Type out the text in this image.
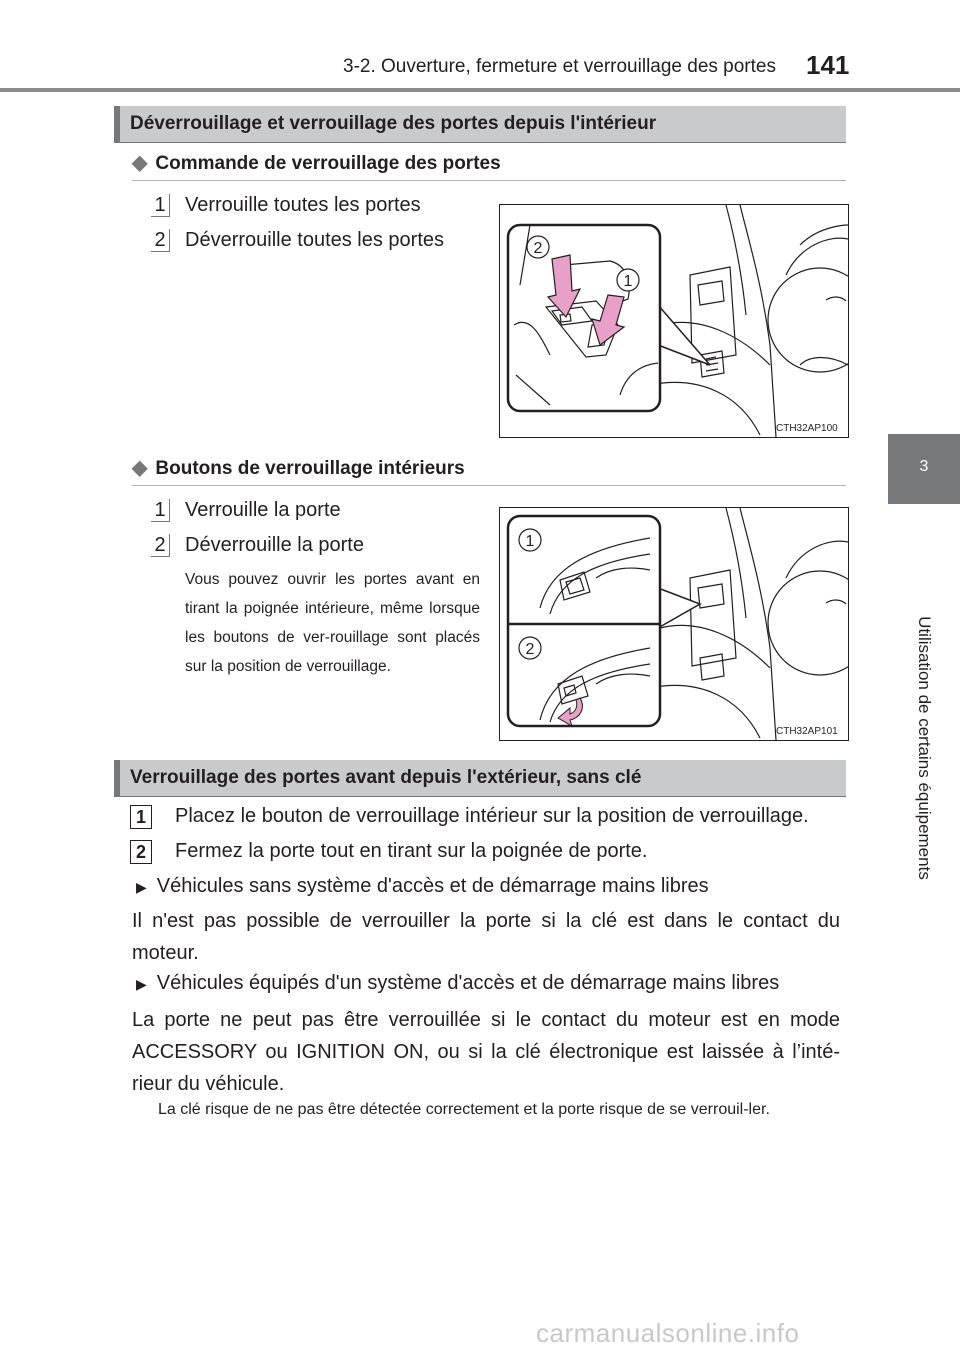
3-2. Ouverture, fermeture et verrouillage des portes 141
3
Utilisation de certains équipements
Déverrouillage et verrouillage des portes depuis l'intérieur
◆ Commande de verrouillage des portes
1 Verrouille toutes les portes
2 Déverrouille toutes les portes	2
1
CTH32AP100
◆ Boutons de verrouillage intérieurs
1 Verrouille la porte
2 Déverrouille la porte
Vous pouvez ouvrir les portes avant en tirant la poignée intérieure, même lorsque les boutons de ver-rouillage sont placés sur la position de verrouillage.
1
2
CTH32AP101
Verrouillage des portes avant depuis l'extérieur, sans clé
1	Placez le bouton de verrouillage intérieur sur la position de verrouillage.
2	Fermez la porte tout en tirant sur la poignée de porte.
▶ Véhicules sans système d'accès et de démarrage mains libres
Il n'est pas possible de verrouiller la porte si la clé est dans le contact du moteur.
▶ Véhicules équipés d'un système d'accès et de démarrage mains libres
La porte ne peut pas être verrouillée si le contact du moteur est en mode ACCESSORY ou IGNITION ON, ou si la clé électronique est laissée à l’inté-rieur du véhicule.
La clé risque de ne pas être détectée correctement et la porte risque de se verrouil-ler.
carmanualsonline.info
